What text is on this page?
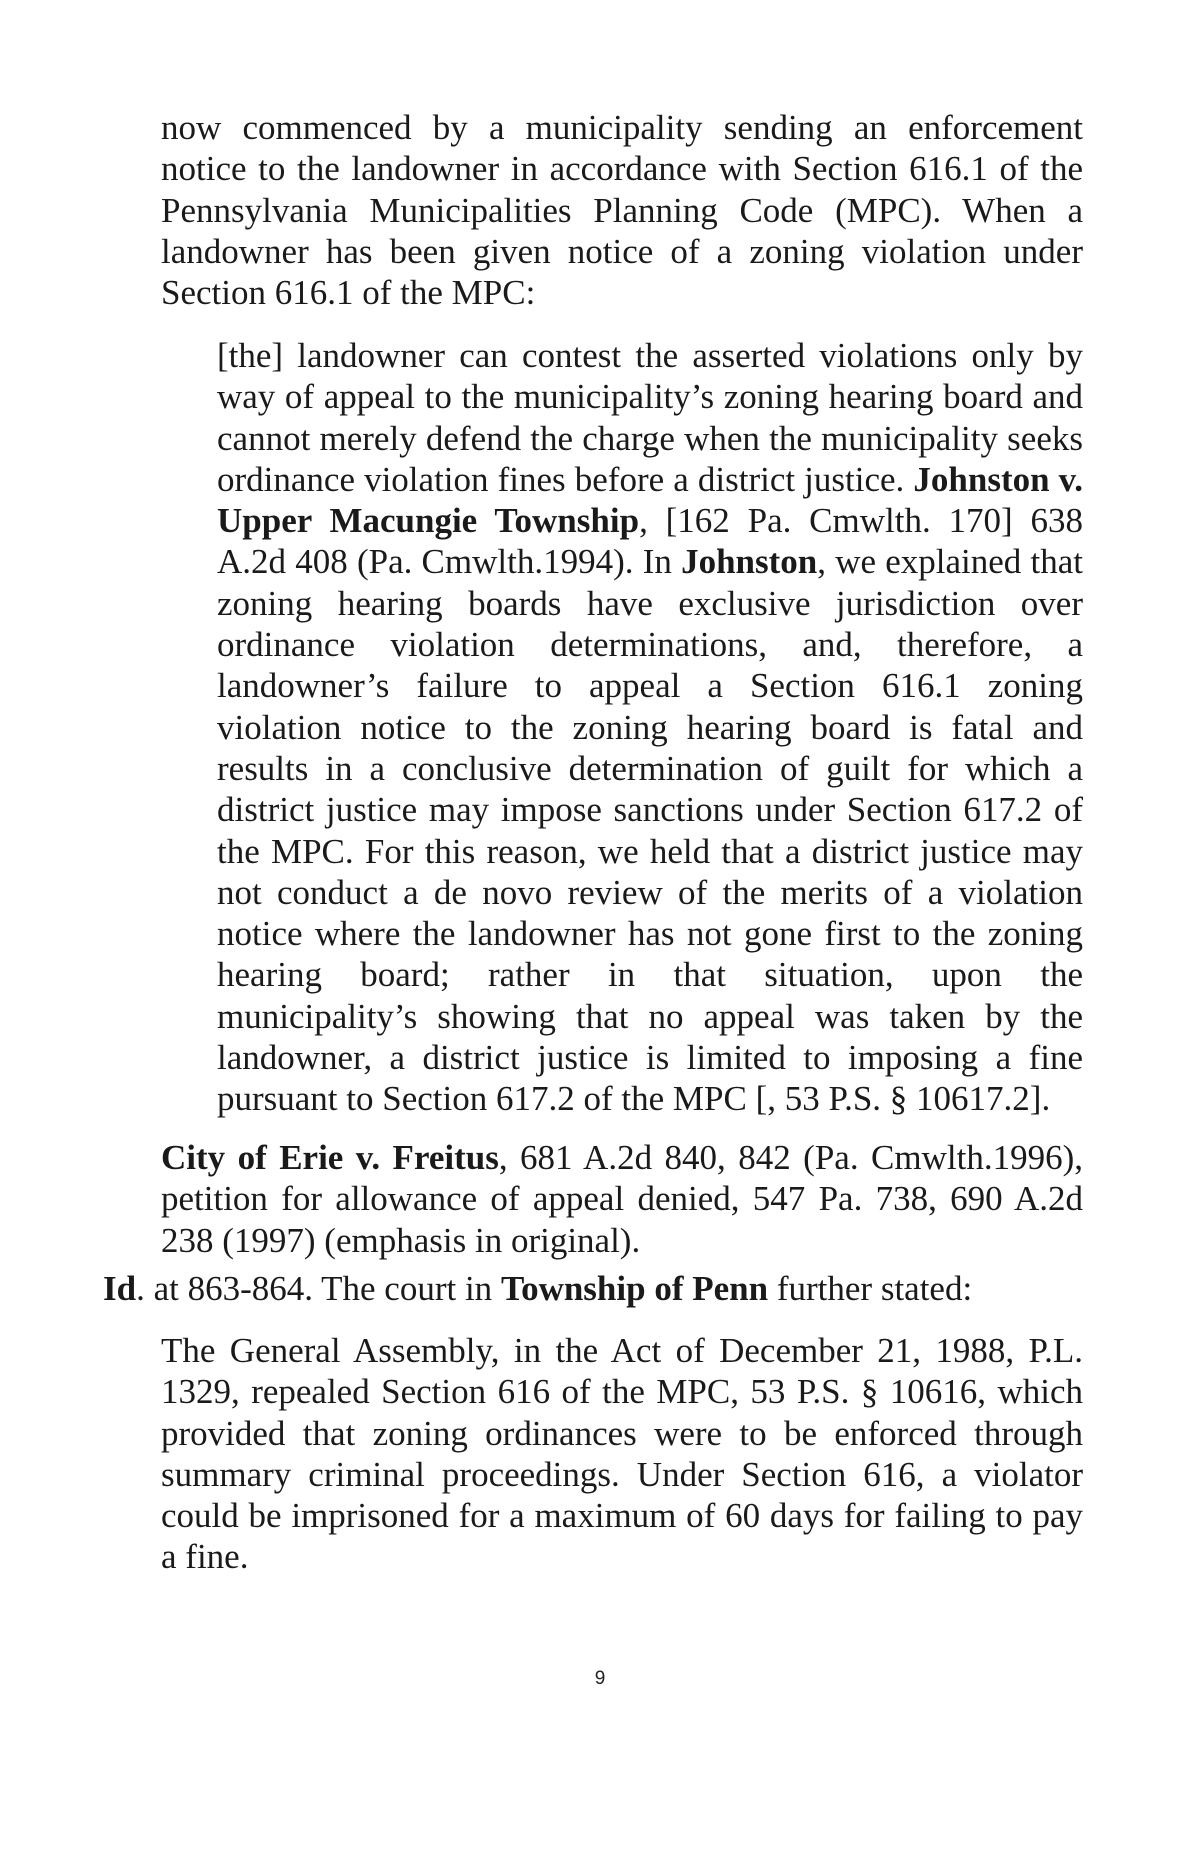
now commenced by a municipality sending an enforcement notice to the landowner in accordance with Section 616.1 of the Pennsylvania Municipalities Planning Code (MPC). When a landowner has been given notice of a zoning violation under Section 616.1 of the MPC:

[the] landowner can contest the asserted violations only by way of appeal to the municipality’s zoning hearing board and cannot merely defend the charge when the municipality seeks ordinance violation fines before a district justice. Johnston v. Upper Macungie Township, [162 Pa. Cmwlth. 170] 638 A.2d 408 (Pa. Cmwlth.1994). In Johnston, we explained that zoning hearing boards have exclusive jurisdiction over ordinance violation determinations, and, therefore, a landowner’s failure to appeal a Section 616.1 zoning violation notice to the zoning hearing board is fatal and results in a conclusive determination of guilt for which a district justice may impose sanctions under Section 617.2 of the MPC. For this reason, we held that a district justice may not conduct a de novo review of the merits of a violation notice where the landowner has not gone first to the zoning hearing board; rather in that situation, upon the municipality’s showing that no appeal was taken by the landowner, a district justice is limited to imposing a fine pursuant to Section 617.2 of the MPC [, 53 P.S. § 10617.2].

City of Erie v. Freitus, 681 A.2d 840, 842 (Pa. Cmwlth.1996), petition for allowance of appeal denied, 547 Pa. 738, 690 A.2d 238 (1997) (emphasis in original).

Id. at 863-864. The court in Township of Penn further stated:

The General Assembly, in the Act of December 21, 1988, P.L. 1329, repealed Section 616 of the MPC, 53 P.S. § 10616, which provided that zoning ordinances were to be enforced through summary criminal proceedings. Under Section 616, a violator could be imprisoned for a maximum of 60 days for failing to pay a fine.

9
